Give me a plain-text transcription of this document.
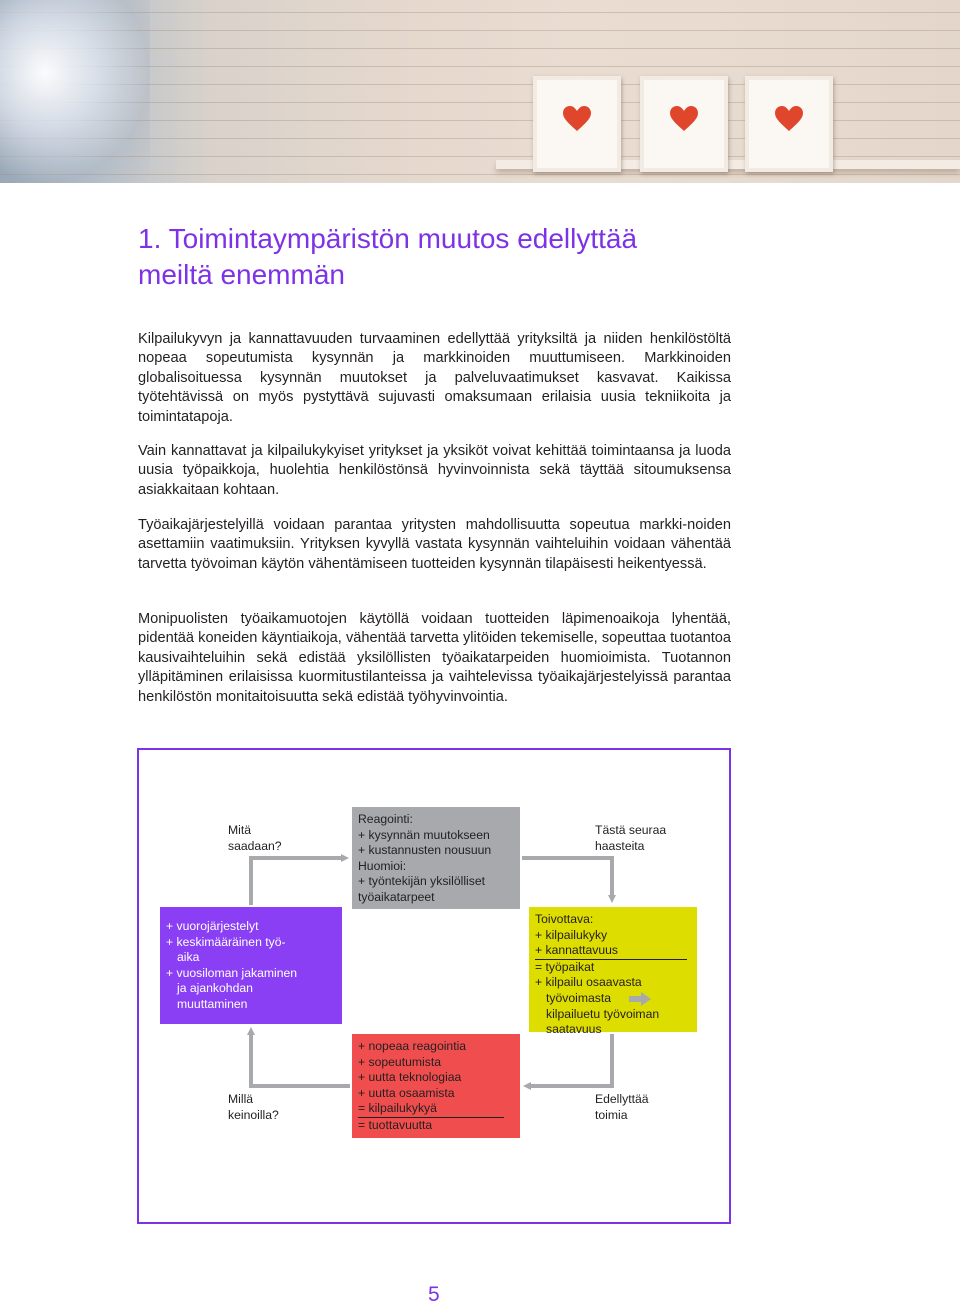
1. Toimintaympäristön muutos edellyttää
meiltä enemmän

Kilpailukyvyn ja kannattavuuden turvaaminen edellyttää yrityksiltä ja niiden henkilöstöltä nopeaa sopeutumista kysynnän ja markkinoiden muuttumiseen. Markkinoiden globalisoituessa kysynnän muutokset ja palveluvaatimukset kasvavat. Kaikissa työtehtävissä on myös pystyttävä sujuvasti omaksumaan erilaisia uusia tekniikoita ja toimintatapoja.

Vain kannattavat ja kilpailukykyiset yritykset ja yksiköt voivat kehittää toimintaansa ja luoda uusia työpaikkoja, huolehtia henkilöstönsä hyvinvoinnista sekä täyttää sitoumuksensa asiakkaitaan kohtaan.

Työaikajärjestelyillä voidaan parantaa yritysten mahdollisuutta sopeutua markki-noiden asettamiin vaatimuksiin. Yrityksen kyvyllä vastata kysynnän vaihteluihin voidaan vähentää tarvetta työvoiman käytön vähentämiseen tuotteiden kysynnän tilapäisesti heikentyessä.

Monipuolisten työaikamuotojen käytöllä voidaan tuotteiden läpimenoaikoja lyhentää, pidentää koneiden käyntiaikoja, vähentää tarvetta ylitöiden tekemiselle, sopeuttaa tuotantoa kausivaihteluihin sekä edistää yksilöllisten työaikatarpeiden huomioimista. Tuotannon ylläpitäminen erilaisissa kuormitustilanteissa ja vaihtelevissa työaikajärjestelyissä parantaa henkilöstön monitaitoisuutta sekä edistää työhyvinvointia.

Mitä
saadaan?
Tästä seuraa
haasteita
Millä
keinoilla?
Edellyttää
toimia
Reagointi:
+ kysynnän muutokseen
+ kustannusten nousuun
Huomioi:
+ työntekijän yksilölliset
työaikatarpeet
+ vuorojärjestelyt
+ keskimääräinen työ-
aika
+ vuosiloman jakaminen
ja ajankohdan
muuttaminen
Toivottava:
+ kilpailukyky
+ kannattavuus
= työpaikat
+ kilpailu osaavasta
työvoimasta
kilpailuetu työvoiman
saatavuus
+ nopeaa reagointia
+ sopeutumista
+ uutta teknologiaa
+ uutta osaamista
= kilpailukykyä
= tuottavuutta
5
